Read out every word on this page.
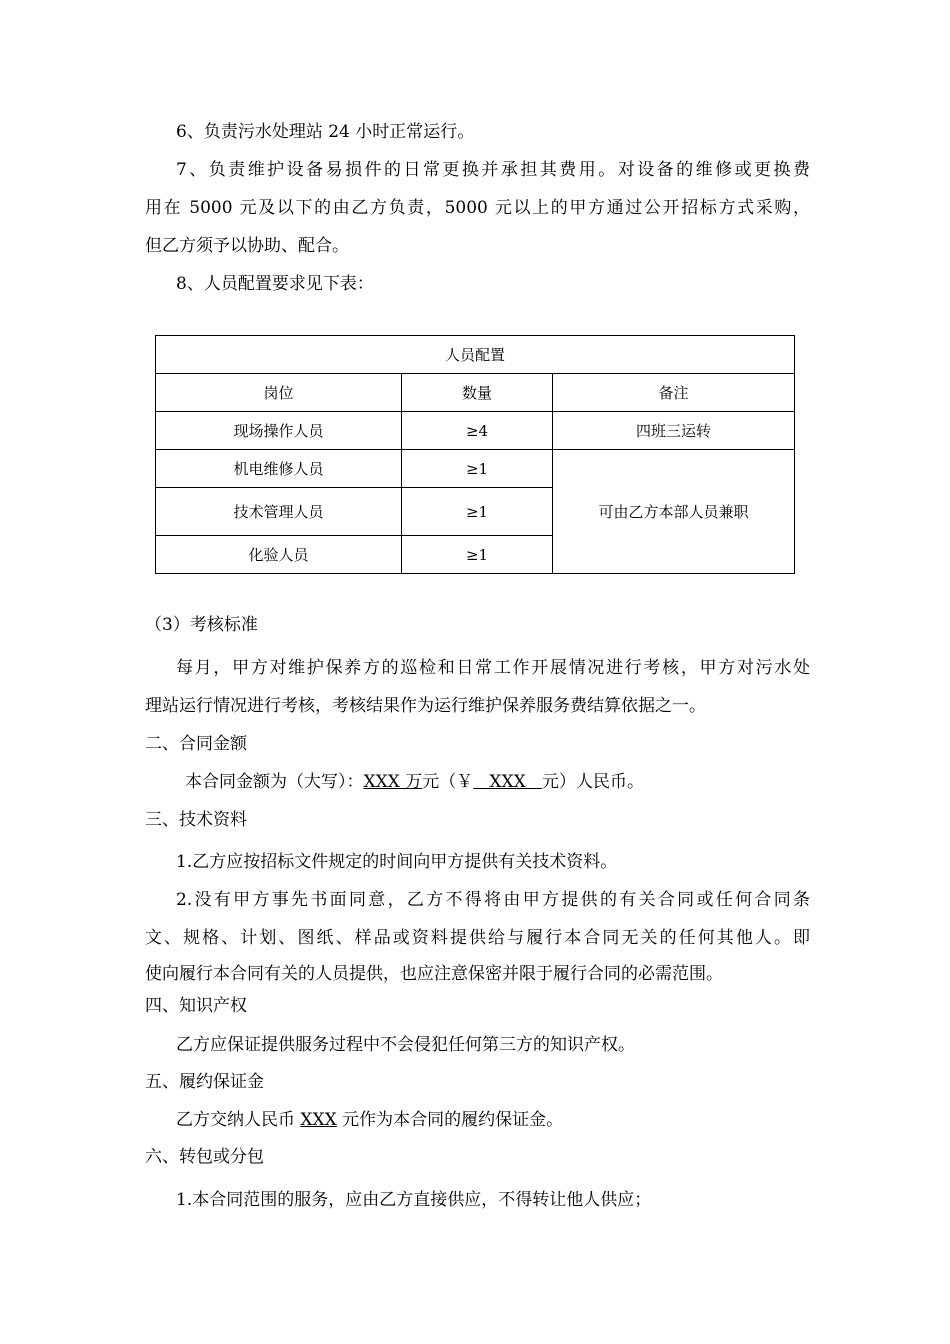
6、负责污水处理站 24 小时正常运行。
7、负责维护设备易损件的日常更换并承担其费用。对设备的维修或更换费
用在 5000 元及以下的由乙方负责，5000 元以上的甲方通过公开招标方式采购，
但乙方须予以协助、配合。
8、人员配置要求见下表：
人员配置		
岗位	数量	备注
现场操作人员	≥4	四班三运转
机电维修人员	≥1	可由乙方本部人员兼职
技术管理人员	≥1	
化验人员	≥1	
（3）考核标准
每月，甲方对维护保养方的巡检和日常工作开展情况进行考核，甲方对污水处
理站运行情况进行考核，考核结果作为运行维护保养服务费结算依据之一。
二、合同金额
本合同金额为（大写）：XXX 万元（￥   XXX   元）人民币。
三、技术资料
1.乙方应按招标文件规定的时间向甲方提供有关技术资料。
2.没有甲方事先书面同意，乙方不得将由甲方提供的有关合同或任何合同条
文、规格、计划、图纸、样品或资料提供给与履行本合同无关的任何其他人。即
使向履行本合同有关的人员提供，也应注意保密并限于履行合同的必需范围。
四、知识产权
乙方应保证提供服务过程中不会侵犯任何第三方的知识产权。
五、履约保证金
乙方交纳人民币 XXX 元作为本合同的履约保证金。
六、转包或分包
1.本合同范围的服务，应由乙方直接供应，不得转让他人供应；
